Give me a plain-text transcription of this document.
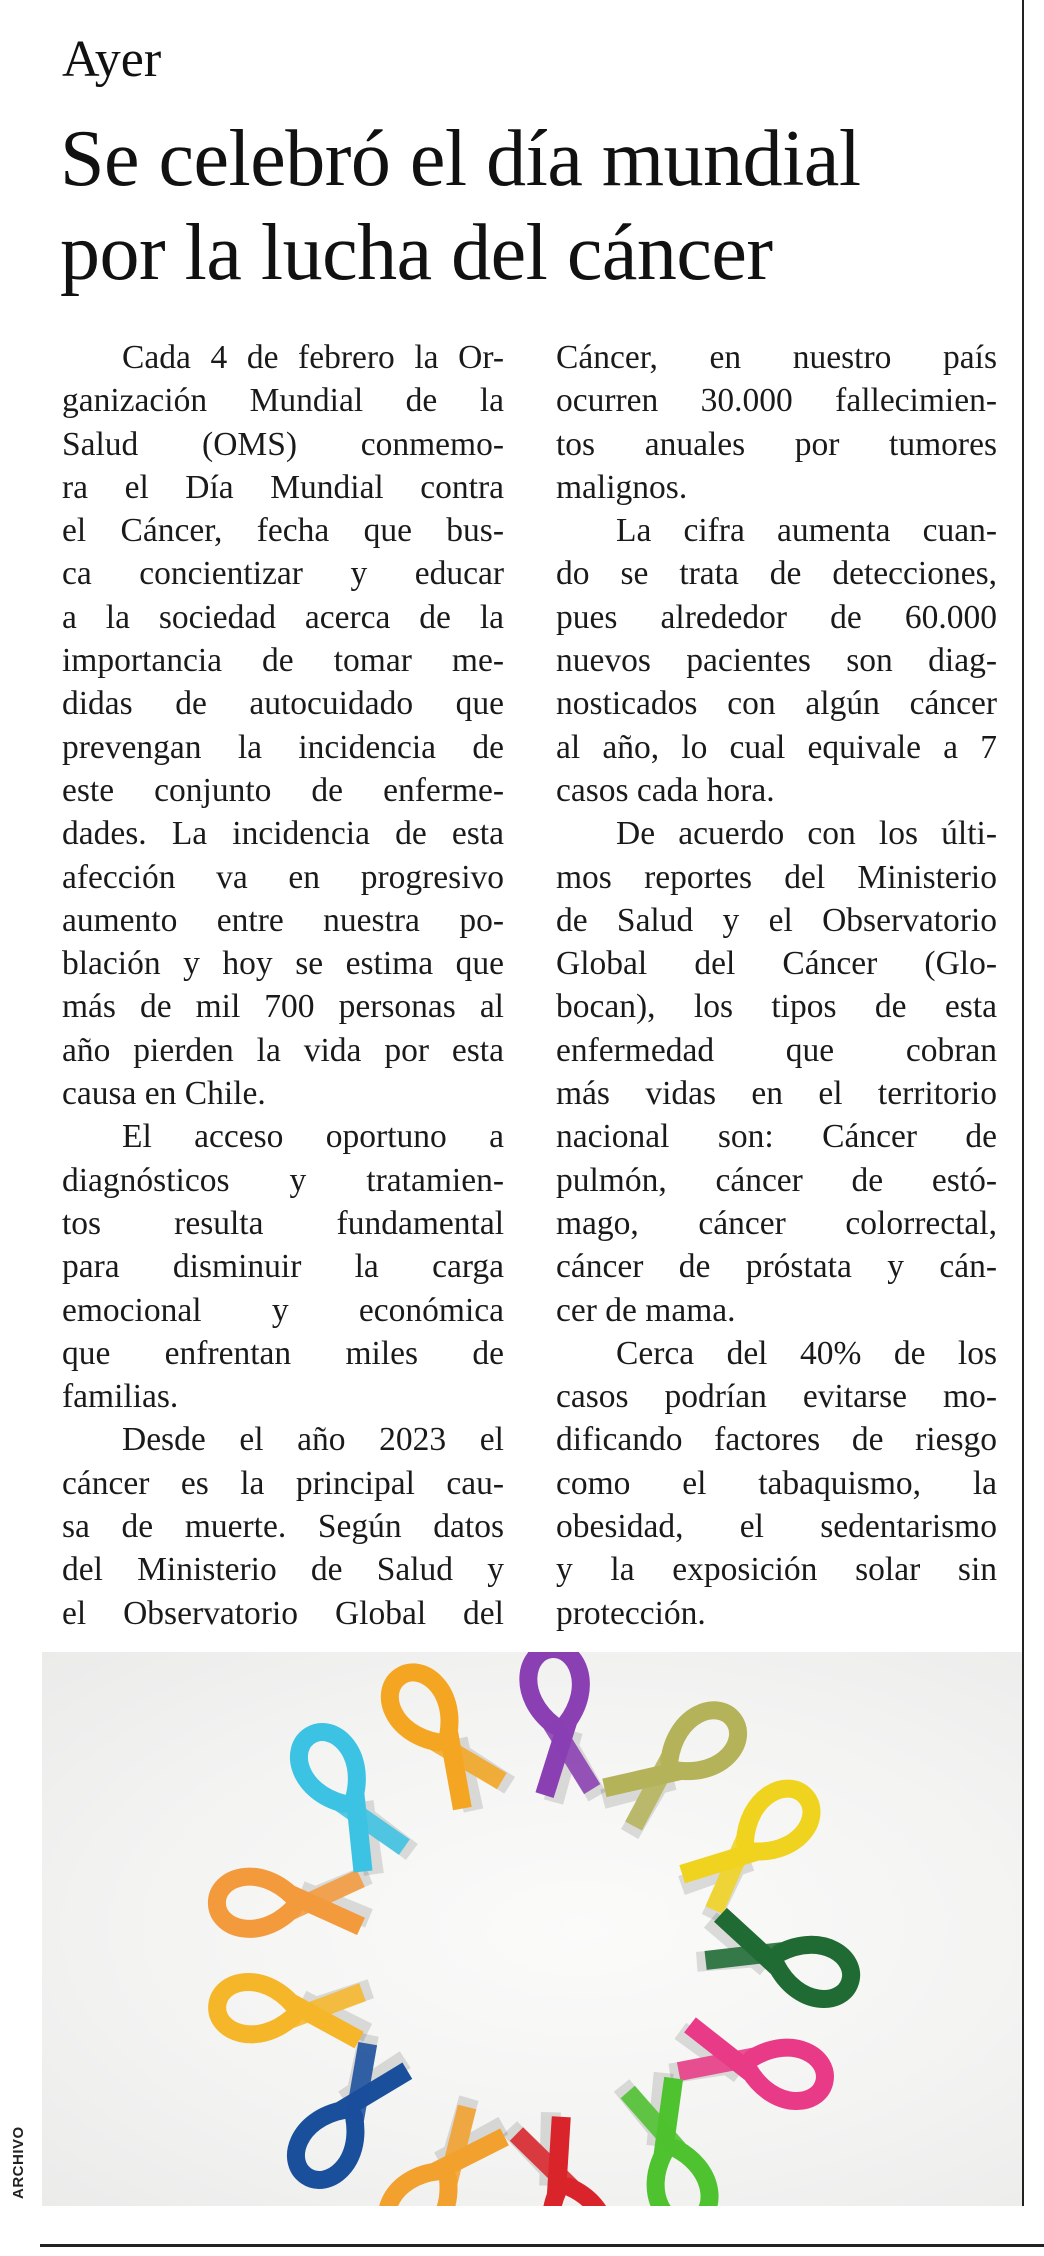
Ayer
Se celebró el día mundial
por la lucha del cáncer
Cada 4 de febrero la Or-
ganización Mundial de la
Salud (OMS) conmemo-
ra el Día Mundial contra
el Cáncer, fecha que bus-
ca concientizar y educar
a la sociedad acerca de la
importancia de tomar me-
didas de autocuidado que
prevengan la incidencia de
este conjunto de enferme-
dades. La incidencia de esta
afección va en progresivo
aumento entre nuestra po-
blación y hoy se estima que
más de mil 700 personas al
año pierden la vida por esta
causa en Chile.
El acceso oportuno a
diagnósticos y tratamien-
tos resulta fundamental
para disminuir la carga
emocional y económica
que enfrentan miles de
familias.
Desde el año 2023 el
cáncer es la principal cau-
sa de muerte. Según datos
del Ministerio de Salud y
el Observatorio Global del
Cáncer, en nuestro país
ocurren 30.000 fallecimien-
tos anuales por tumores
malignos.
La cifra aumenta cuan-
do se trata de detecciones,
pues alrededor de 60.000
nuevos pacientes son diag-
nosticados con algún cáncer
al año, lo cual equivale a 7
casos cada hora.
De acuerdo con los últi-
mos reportes del Ministerio
de Salud y el Observatorio
Global del Cáncer (Glo-
bocan), los tipos de esta
enfermedad que cobran
más vidas en el territorio
nacional son: Cáncer de
pulmón, cáncer de estó-
mago, cáncer colorrectal,
cáncer de próstata y cán-
cer de mama.
Cerca del 40% de los
casos podrían evitarse mo-
dificando factores de riesgo
como el tabaquismo, la
obesidad, el sedentarismo
y la exposición solar sin
protección.
ARCHIVO
